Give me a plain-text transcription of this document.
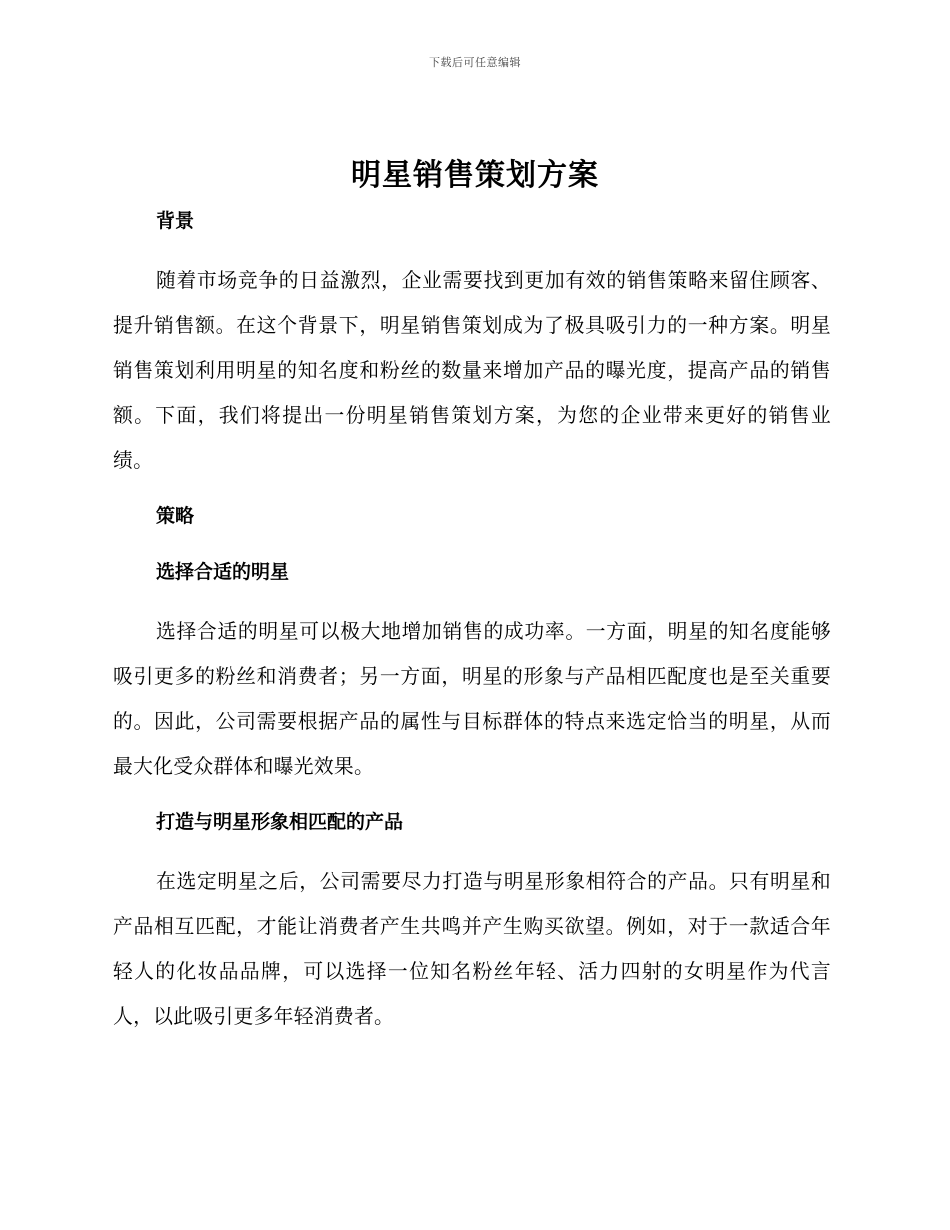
下载后可任意编辑
明星销售策划方案
背景

随着市场竞争的日益激烈，企业需要找到更加有效的销售策略来留住顾客、提升销售额。在这个背景下，明星销售策划成为了极具吸引力的一种方案。明星销售策划利用明星的知名度和粉丝的数量来增加产品的曝光度，提高产品的销售额。下面，我们将提出一份明星销售策划方案，为您的企业带来更好的销售业绩。

策略
选择合适的明星

选择合适的明星可以极大地增加销售的成功率。一方面，明星的知名度能够吸引更多的粉丝和消费者；另一方面，明星的形象与产品相匹配度也是至关重要的。因此，公司需要根据产品的属性与目标群体的特点来选定恰当的明星，从而最大化受众群体和曝光效果。

打造与明星形象相匹配的产品

在选定明星之后，公司需要尽力打造与明星形象相符合的产品。只有明星和产品相互匹配，才能让消费者产生共鸣并产生购买欲望。例如，对于一款适合年轻人的化妆品品牌，可以选择一位知名粉丝年轻、活力四射的女明星作为代言人，以此吸引更多年轻消费者。
